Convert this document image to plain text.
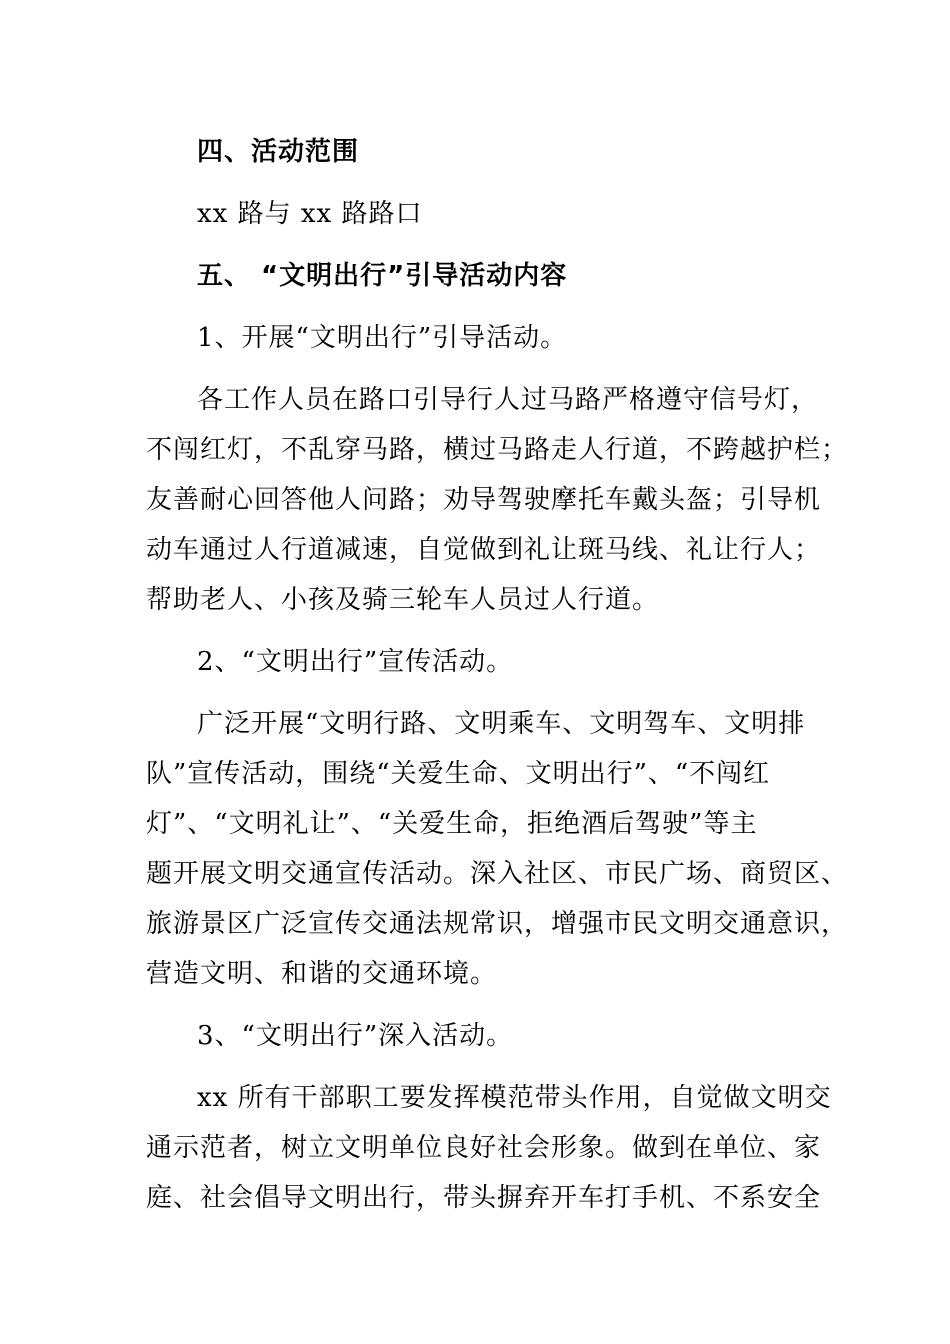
四、活动范围
xx 路与 xx 路路口
五、 “文明出行”引导活动内容
1、开展“文明出行”引导活动。
各工作人员在路口引导行人过马路严格遵守信号灯，
不闯红灯，不乱穿马路，横过马路走人行道，不跨越护栏；
友善耐心回答他人问路；劝导驾驶摩托车戴头盔；引导机
动车通过人行道减速，自觉做到礼让斑马线、礼让行人；
帮助老人、小孩及骑三轮车人员过人行道。
2、“文明出行”宣传活动。
广泛开展“文明行路、文明乘车、文明驾车、文明排
队”宣传活动，围绕“关爱生命、文明出行”、“不闯红
灯”、“文明礼让”、“关爱生命，拒绝酒后驾驶”等主
题开展文明交通宣传活动。深入社区、市民广场、商贸区、
旅游景区广泛宣传交通法规常识，增强市民文明交通意识，
营造文明、和谐的交通环境。
3、“文明出行”深入活动。
xx 所有干部职工要发挥模范带头作用，自觉做文明交
通示范者，树立文明单位良好社会形象。做到在单位、家
庭、社会倡导文明出行，带头摒弃开车打手机、不系安全
